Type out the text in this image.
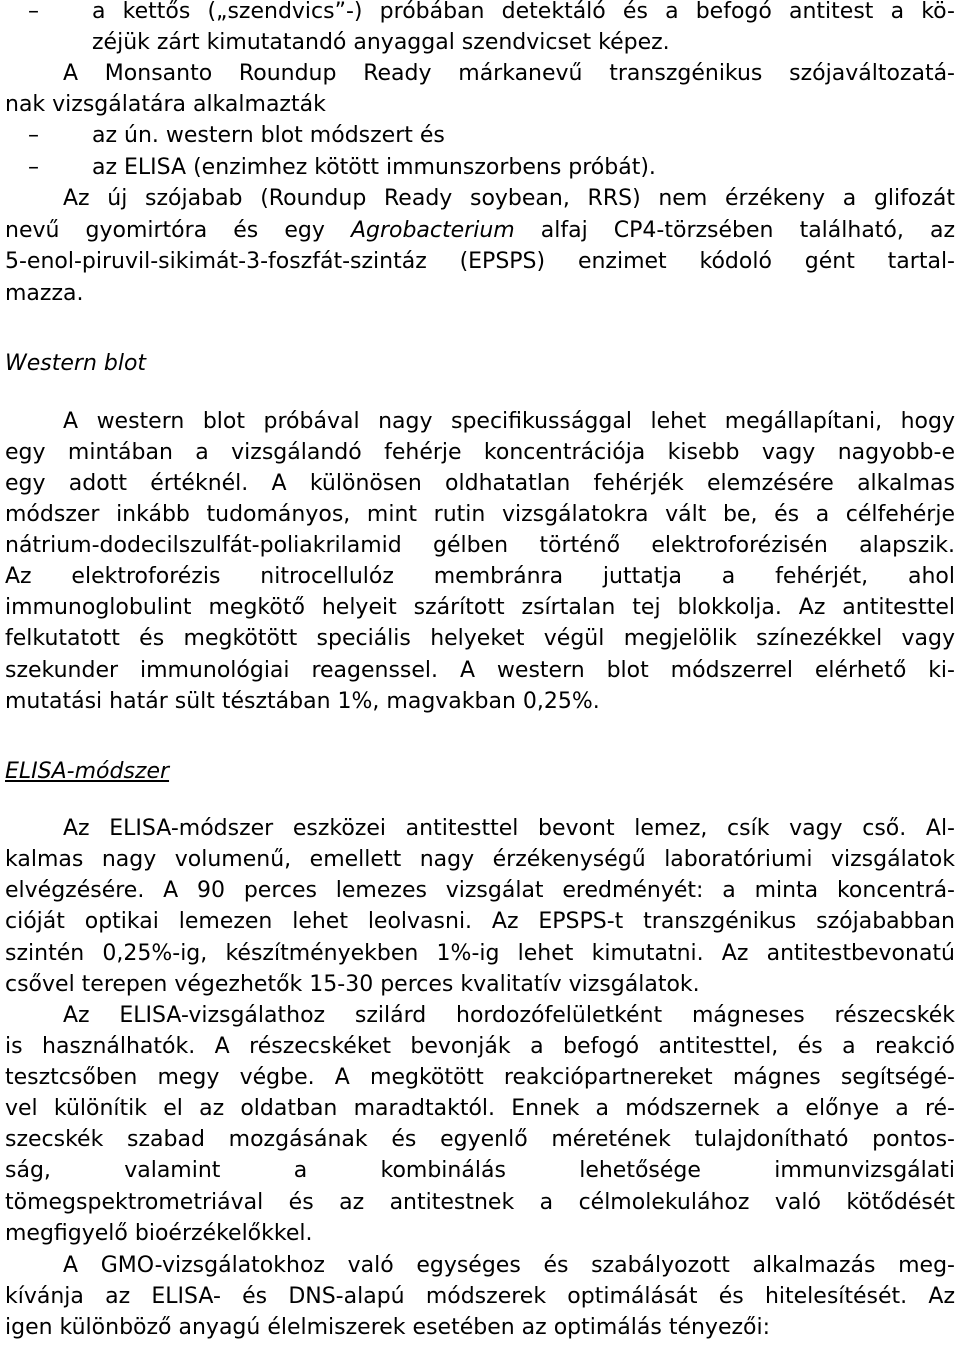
–	a kettős („szendvics”-) próbában detektáló és a befogó antitest a kö-
zéjük zárt kimutatandó anyaggal szendvicset képez.
A Monsanto Roundup Ready márkanevű transzgénikus szójaváltozatá-
nak vizsgálatára alkalmazták
–	az ún. western blot módszert és
–	az ELISA (enzimhez kötött immunszorbens próbát).
Az új szójabab (Roundup Ready soybean, RRS) nem érzékeny a glifozát
nevű gyomirtóra és egy Agrobacterium alfaj CP4-törzsében található, az
5-enol-piruvil-sikimát-3-foszfát-szintáz (EPSPS) enzimet kódoló gént tartal-
mazza.
Western blot
A western blot próbával nagy specifikussággal lehet megállapítani, hogy
egy mintában a vizsgálandó fehérje koncentrációja kisebb vagy nagyobb-e
egy adott értéknél. A különösen oldhatatlan fehérjék elemzésére alkalmas
módszer inkább tudományos, mint rutin vizsgálatokra vált be, és a célfehérje
nátrium-dodecilszulfát-poliakrilamid gélben történő elektroforézisén alapszik.
Az elektroforézis nitrocellulóz membránra juttatja a fehérjét, ahol
immunoglobulint megkötő helyeit szárított zsírtalan tej blokkolja. Az antitesttel
felkutatott és megkötött speciális helyeket végül megjelölik színezékkel vagy
szekunder immunológiai reagenssel. A western blot módszerrel elérhető ki-
mutatási határ sült tésztában 1%, magvakban 0,25%.
ELISA-módszer
Az ELISA-módszer eszközei antitesttel bevont lemez, csík vagy cső. Al-
kalmas nagy volumenű, emellett nagy érzékenységű laboratóriumi vizsgálatok
elvégzésére. A 90 perces lemezes vizsgálat eredményét: a minta koncentrá-
cióját optikai lemezen lehet leolvasni. Az EPSPS-t transzgénikus szójababban
szintén 0,25%-ig, készítményekben 1%-ig lehet kimutatni. Az antitestbevonatú
csővel terepen végezhetők 15-30 perces kvalitatív vizsgálatok.
Az ELISA-vizsgálathoz szilárd hordozófelületként mágneses részecskék
is használhatók. A részecskéket bevonják a befogó antitesttel, és a reakció
tesztcsőben megy végbe. A megkötött reakciópartnereket mágnes segítségé-
vel különítik el az oldatban maradtaktól. Ennek a módszernek a előnye a ré-
szecskék szabad mozgásának és egyenlő méretének tulajdonítható pontos-
ság, valamint a kombinálás lehetősége immunvizsgálati
tömegspektrometriával és az antitestnek a célmolekulához való kötődését
megfigyelő bioérzékelőkkel.
A GMO-vizsgálatokhoz való egységes és szabályozott alkalmazás meg-
kívánja az ELISA- és DNS-alapú módszerek optimálását és hitelesítését. Az
igen különböző anyagú élelmiszerek esetében az optimálás tényezői:
